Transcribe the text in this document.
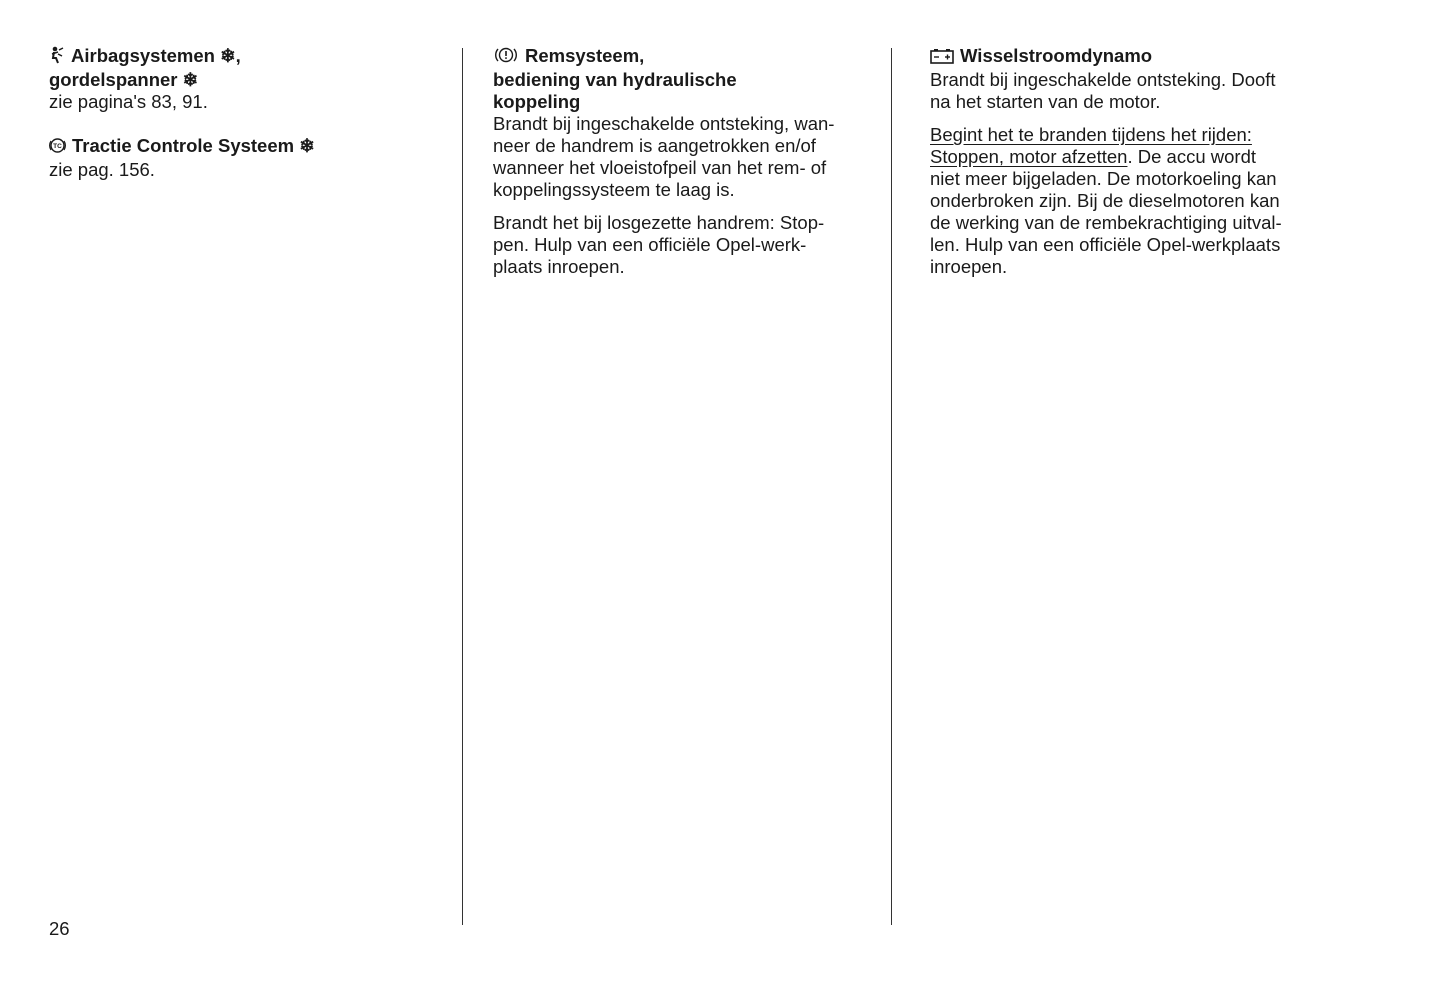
Airbagsystemen ❄,
gordelspanner ❄
zie pagina's 83, 91.
TC Tractie Controle Systeem ❄
zie pag. 156.
Remsysteem,
bediening van hydraulische
koppeling
Brandt bij ingeschakelde ontsteking, wan-
neer de handrem is aangetrokken en/of
wanneer het vloeistofpeil van het rem- of
koppelingssysteem te laag is.
Brandt het bij losgezette handrem: Stop-
pen. Hulp van een officiële Opel-werk-
plaats inroepen.
Wisselstroomdynamo
Brandt bij ingeschakelde ontsteking. Dooft
na het starten van de motor.
Begint het te branden tijdens het rijden:
Stoppen, motor afzetten. De accu wordt
niet meer bijgeladen. De motorkoeling kan
onderbroken zijn. Bij de dieselmotoren kan
de werking van de rembekrachtiging uitval-
len. Hulp van een officiële Opel-werkplaats
inroepen.
26
